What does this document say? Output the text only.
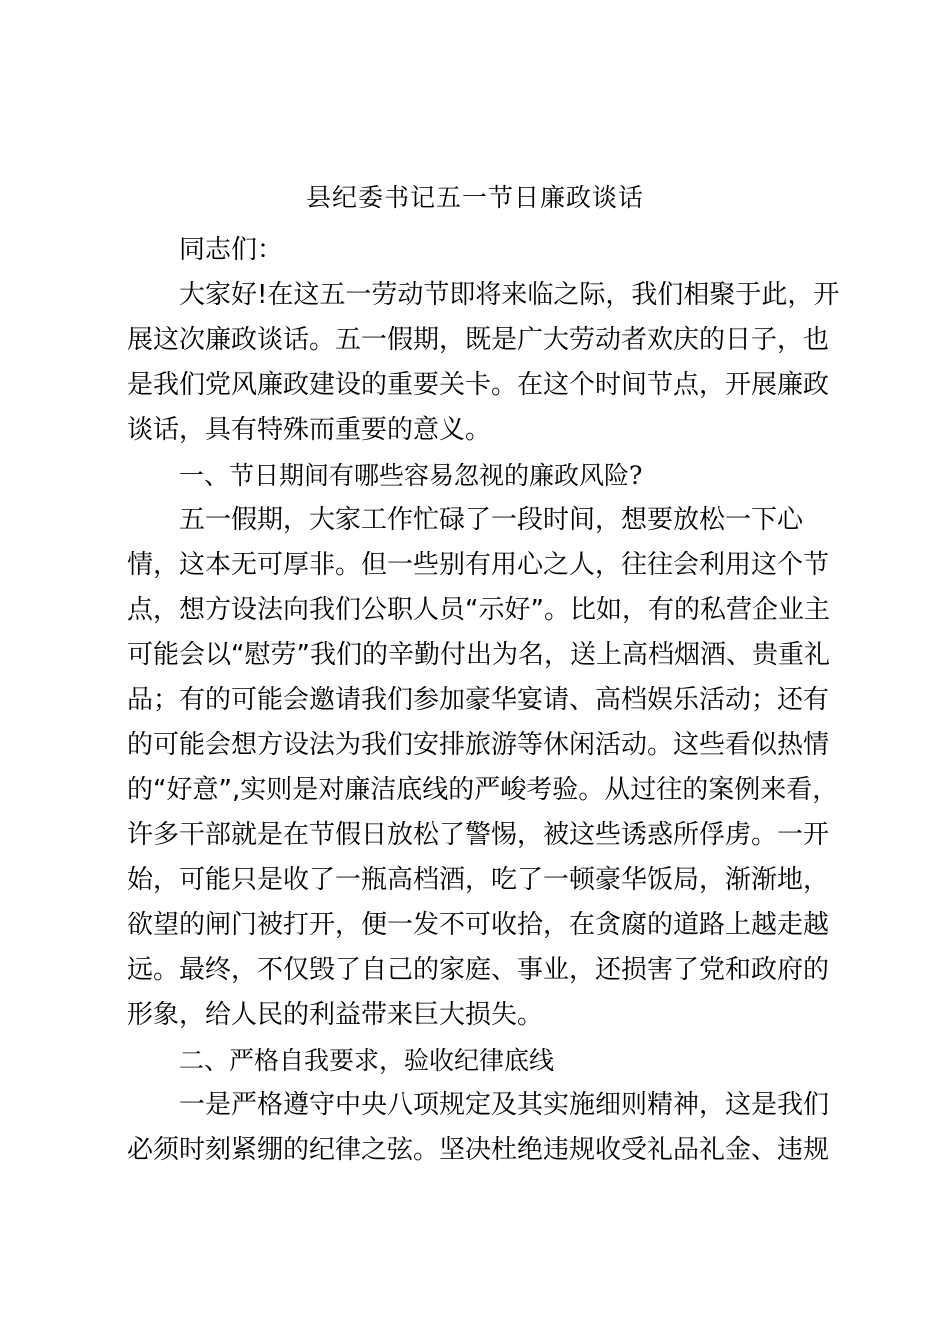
县纪委书记五一节日廉政谈话
同志们：
大家好!在这五一劳动节即将来临之际，我们相聚于此，开
展这次廉政谈话。五一假期，既是广大劳动者欢庆的日子，也
是我们党风廉政建设的重要关卡。在这个时间节点，开展廉政
谈话，具有特殊而重要的意义。
一、节日期间有哪些容易忽视的廉政风险?
五一假期，大家工作忙碌了一段时间，想要放松一下心
情，这本无可厚非。但一些别有用心之人，往往会利用这个节
点，想方设法向我们公职人员“示好”。比如，有的私营企业主
可能会以“慰劳”我们的辛勤付出为名，送上高档烟酒、贵重礼
品；有的可能会邀请我们参加豪华宴请、高档娱乐活动；还有
的可能会想方设法为我们安排旅游等休闲活动。这些看似热情
的“好意”,实则是对廉洁底线的严峻考验。从过往的案例来看，
许多干部就是在节假日放松了警惕，被这些诱惑所俘虏。一开
始，可能只是收了一瓶高档酒，吃了一顿豪华饭局，渐渐地，
欲望的闸门被打开，便一发不可收拾，在贪腐的道路上越走越
远。最终，不仅毁了自己的家庭、事业，还损害了党和政府的
形象，给人民的利益带来巨大损失。
二、严格自我要求，验收纪律底线
一是严格遵守中央八项规定及其实施细则精神，这是我们
必须时刻紧绷的纪律之弦。坚决杜绝违规收受礼品礼金、违规
